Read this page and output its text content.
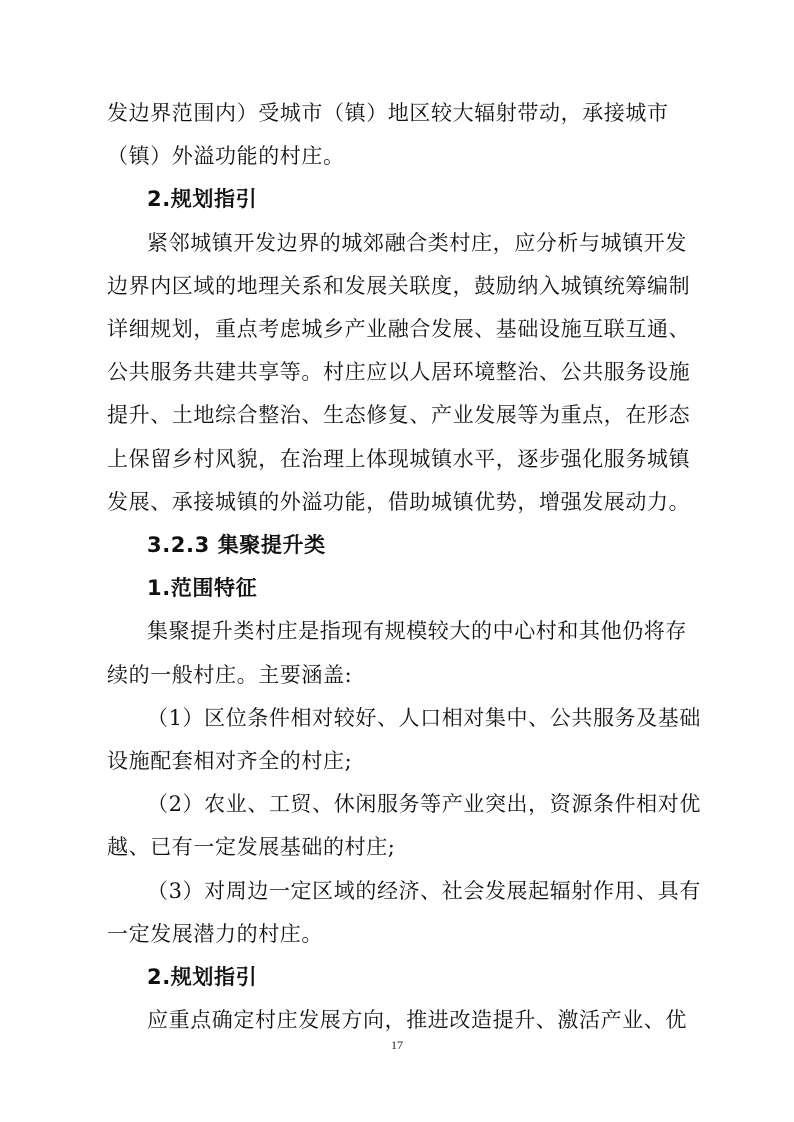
发边界范围内）受城市（镇）地区较大辐射带动，承接城市
（镇）外溢功能的村庄。
2.规划指引
紧邻城镇开发边界的城郊融合类村庄，应分析与城镇开发
边界内区域的地理关系和发展关联度，鼓励纳入城镇统筹编制
详细规划，重点考虑城乡产业融合发展、基础设施互联互通、
公共服务共建共享等。村庄应以人居环境整治、公共服务设施
提升、土地综合整治、生态修复、产业发展等为重点，在形态
上保留乡村风貌，在治理上体现城镇水平，逐步强化服务城镇
发展、承接城镇的外溢功能，借助城镇优势，增强发展动力。
3.2.3 集聚提升类
1.范围特征
集聚提升类村庄是指现有规模较大的中心村和其他仍将存
续的一般村庄。主要涵盖:
（1）区位条件相对较好、人口相对集中、公共服务及基础
设施配套相对齐全的村庄;
（2）农业、工贸、休闲服务等产业突出，资源条件相对优
越、已有一定发展基础的村庄;
（3）对周边一定区域的经济、社会发展起辐射作用、具有
一定发展潜力的村庄。
2.规划指引
应重点确定村庄发展方向，推进改造提升、激活产业、优
17
